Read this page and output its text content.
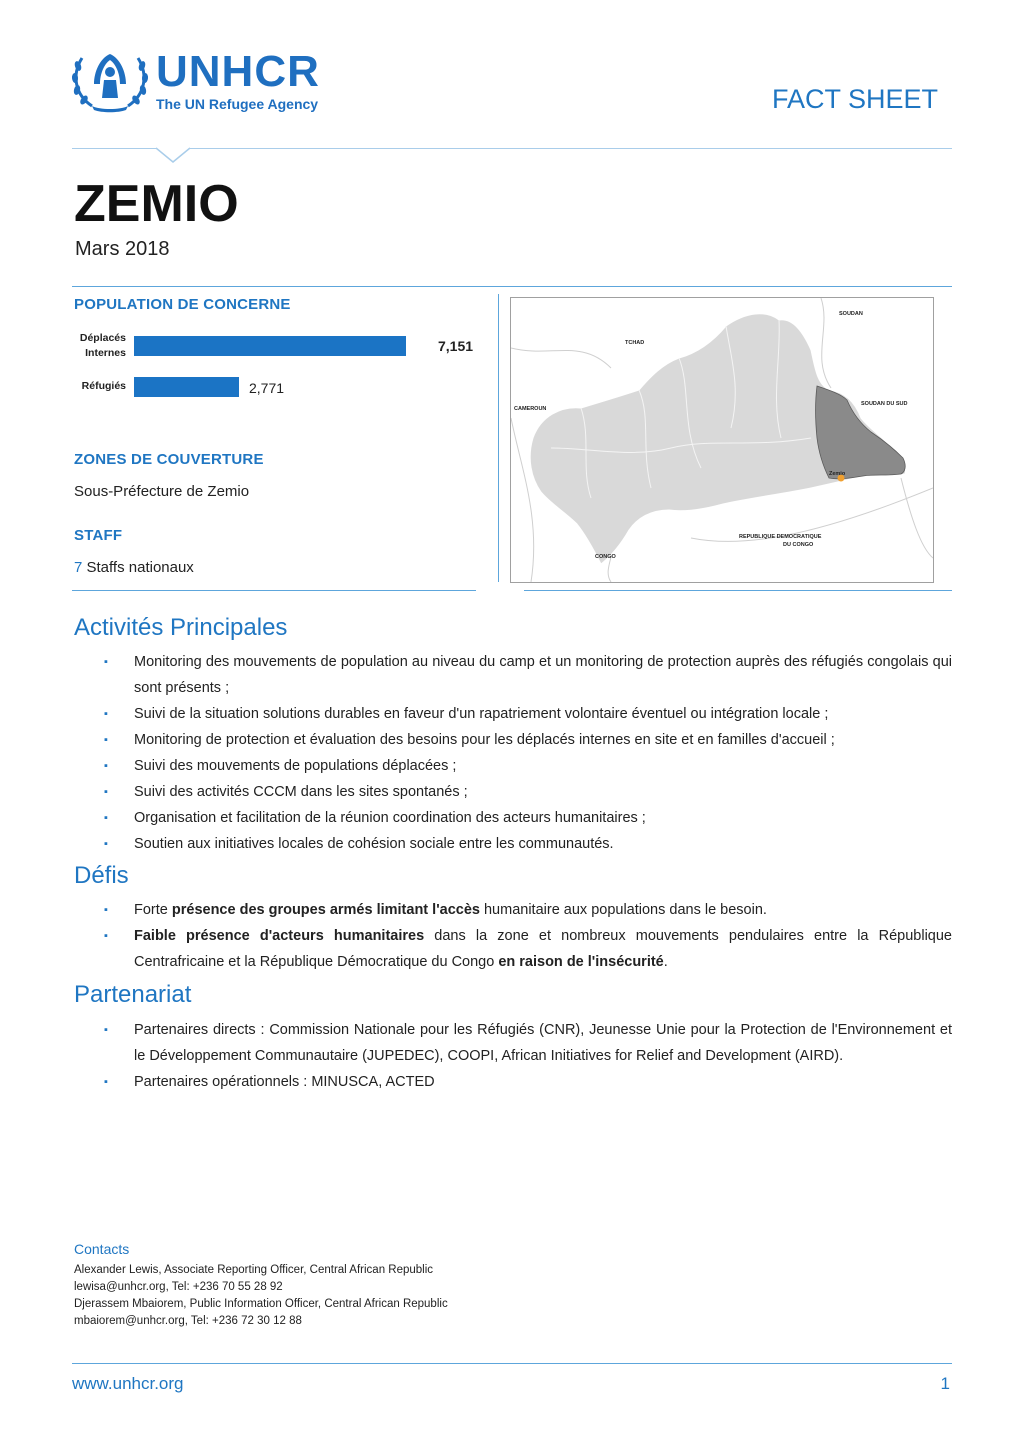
UNHCR
The UN Refugee Agency	FACT SHEET
ZEMIO
Mars 2018
POPULATION DE CONCERNE
Déplacés
Internes	7,151
Réfugiés	2,771
ZONES DE COUVERTURE
Sous-Préfecture de Zemio
STAFF
7 Staffs nationaux
SOUDAN
TCHAD
SOUDAN DU SUD
CAMEROUN
REPUBLIQUE DEMOCRATIQUE
DU CONGO
CONGO
Zemio
Activités Principales
▪ Monitoring des mouvements de population au niveau du camp et un monitoring de protection auprès des réfugiés congolais qui sont présents ;
▪ Suivi de la situation solutions durables en faveur d'un rapatriement volontaire éventuel ou intégration locale ;
▪ Monitoring de protection et évaluation des besoins pour les déplacés internes en site et en familles d'accueil ;
▪ Suivi des mouvements de populations déplacées ;
▪ Suivi des activités CCCM dans les sites spontanés ;
▪ Organisation et facilitation de la réunion coordination des acteurs humanitaires ;
▪ Soutien aux initiatives locales de cohésion sociale entre les communautés.
Défis
▪ Forte présence des groupes armés limitant l'accès humanitaire aux populations dans le besoin.
▪ Faible présence d'acteurs humanitaires dans la zone et nombreux mouvements pendulaires entre la République Centrafricaine et la République Démocratique du Congo en raison de l'insécurité.
Partenariat
▪ Partenaires directs : Commission Nationale pour les Réfugiés (CNR), Jeunesse Unie pour la Protection de l'Environnement et le Développement Communautaire (JUPEDEC), COOPI, African Initiatives for Relief and Development (AIRD).
▪ Partenaires opérationnels : MINUSCA, ACTED
Contacts
Alexander Lewis, Associate Reporting Officer, Central African Republic
lewisa@unhcr.org, Tel: +236 70 55 28 92
Djerassem Mbaiorem, Public Information Officer, Central African Republic
mbaiorem@unhcr.org, Tel: +236 72 30 12 88
www.unhcr.org	1
